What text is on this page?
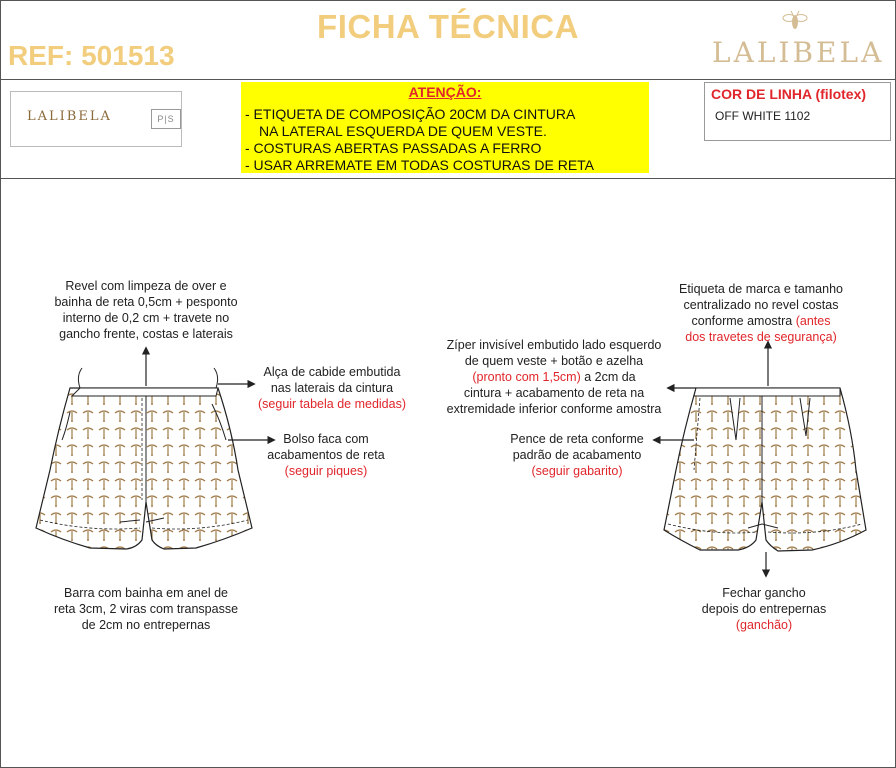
FICHA TÉCNICA
REF: 501513	LALIBELA
LALIBELA	P|S
ATENÇÃO:
- ETIQUETA DE COMPOSIÇÃO 20CM DA CINTURA
NA LATERAL ESQUERDA DE QUEM VESTE.
- COSTURAS ABERTAS PASSADAS A FERRO
- USAR ARREMATE EM TODAS COSTURAS DE RETA
COR DE LINHA (filotex)
OFF WHITE 1102
Revel com limpeza de over e
bainha de reta 0,5cm + pesponto
interno de 0,2 cm + travete no
gancho frente, costas e laterais
Alça de cabide embutida
nas laterais da cintura
(seguir tabela de medidas)
Bolso faca com
acabamentos de reta
(seguir piques)
Barra com bainha em anel de
reta 3cm, 2 viras com transpasse
de 2cm no entrepernas
Etiqueta de marca e tamanho
centralizado no revel costas
conforme amostra (antes
dos travetes de segurança)
Zíper invisível embutido lado esquerdo
de quem veste + botão e azelha
(pronto com 1,5cm) a 2cm da
cintura + acabamento de reta na
extremidade inferior conforme amostra
Pence de reta conforme
padrão de acabamento
(seguir gabarito)
Fechar gancho
depois do entrepernas
(ganchão)
